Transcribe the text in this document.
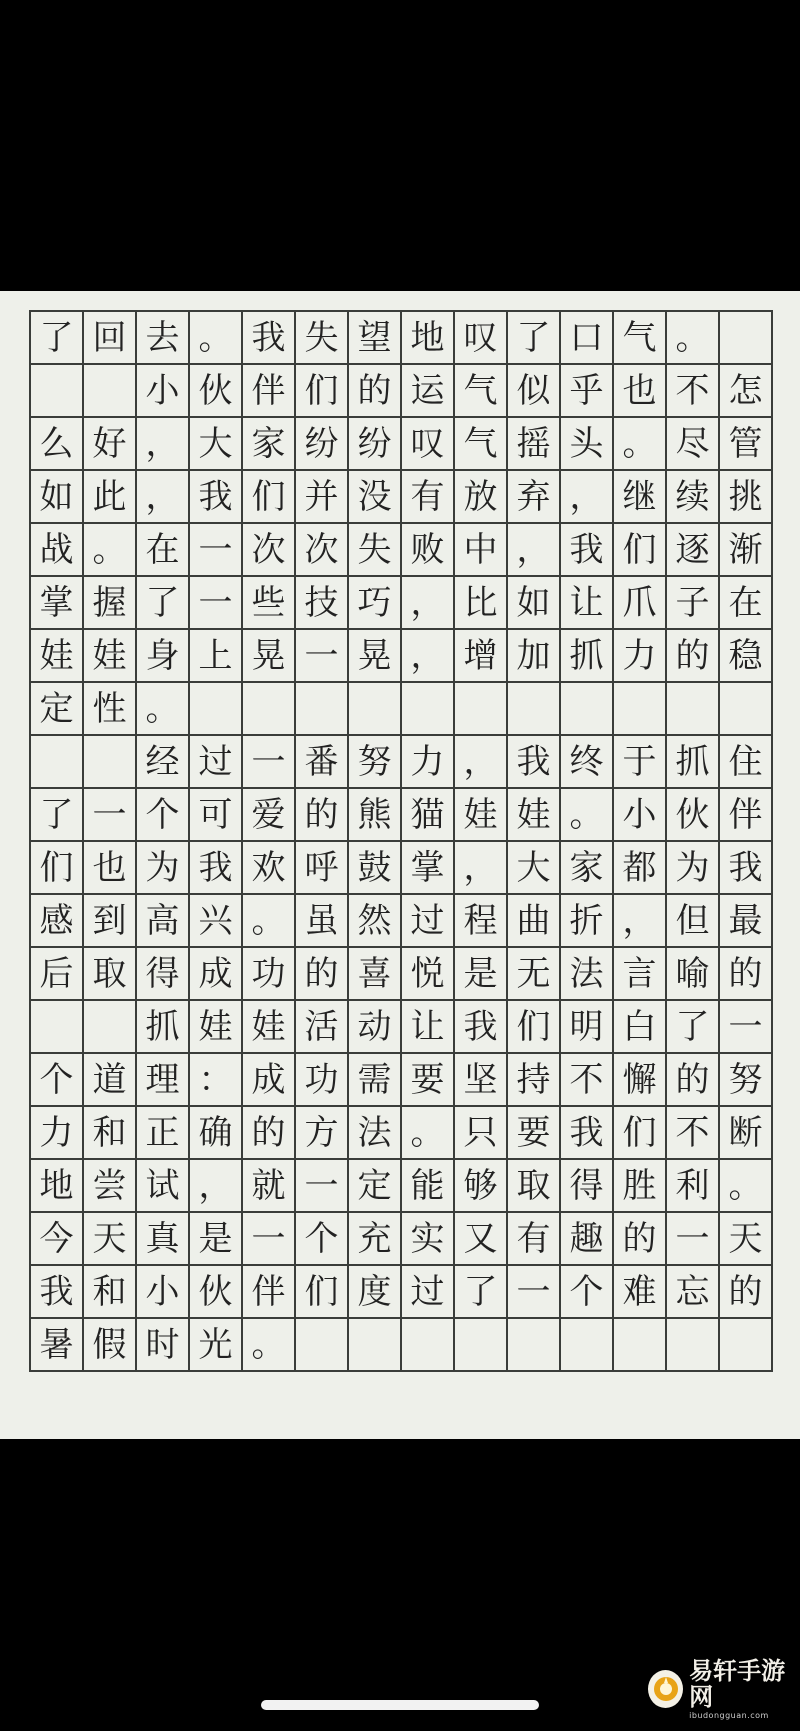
了 回 去 。 我 失 望 地 叹 了 口 气 。
小 伙 伴 们 的 运 气 似 乎 也 不 怎
么 好 ， 大 家 纷 纷 叹 气 摇 头 。 尽 管
如 此 ， 我 们 并 没 有 放 弃 ， 继 续 挑
战 。 在 一 次 次 失 败 中 ， 我 们 逐 渐
掌 握 了 一 些 技 巧 ， 比 如 让 爪 子 在
娃 娃 身 上 晃 一 晃 ， 增 加 抓 力 的 稳
定 性 。
经 过 一 番 努 力 ， 我 终 于 抓 住
了 一 个 可 爱 的 熊 猫 娃 娃 。 小 伙 伴
们 也 为 我 欢 呼 鼓 掌 ， 大 家 都 为 我
感 到 高 兴 。 虽 然 过 程 曲 折 ， 但 最
后 取 得 成 功 的 喜 悦 是 无 法 言 喻 的
抓 娃 娃 活 动 让 我 们 明 白 了 一
个 道 理 ： 成 功 需 要 坚 持 不 懈 的 努
力 和 正 确 的 方 法 。 只 要 我 们 不 断
地 尝 试 ， 就 一 定 能 够 取 得 胜 利 。
今 天 真 是 一 个 充 实 又 有 趣 的 一 天
我 和 小 伙 伴 们 度 过 了 一 个 难 忘 的
暑 假 时 光 。
易轩手游网
ibudongguan.com
